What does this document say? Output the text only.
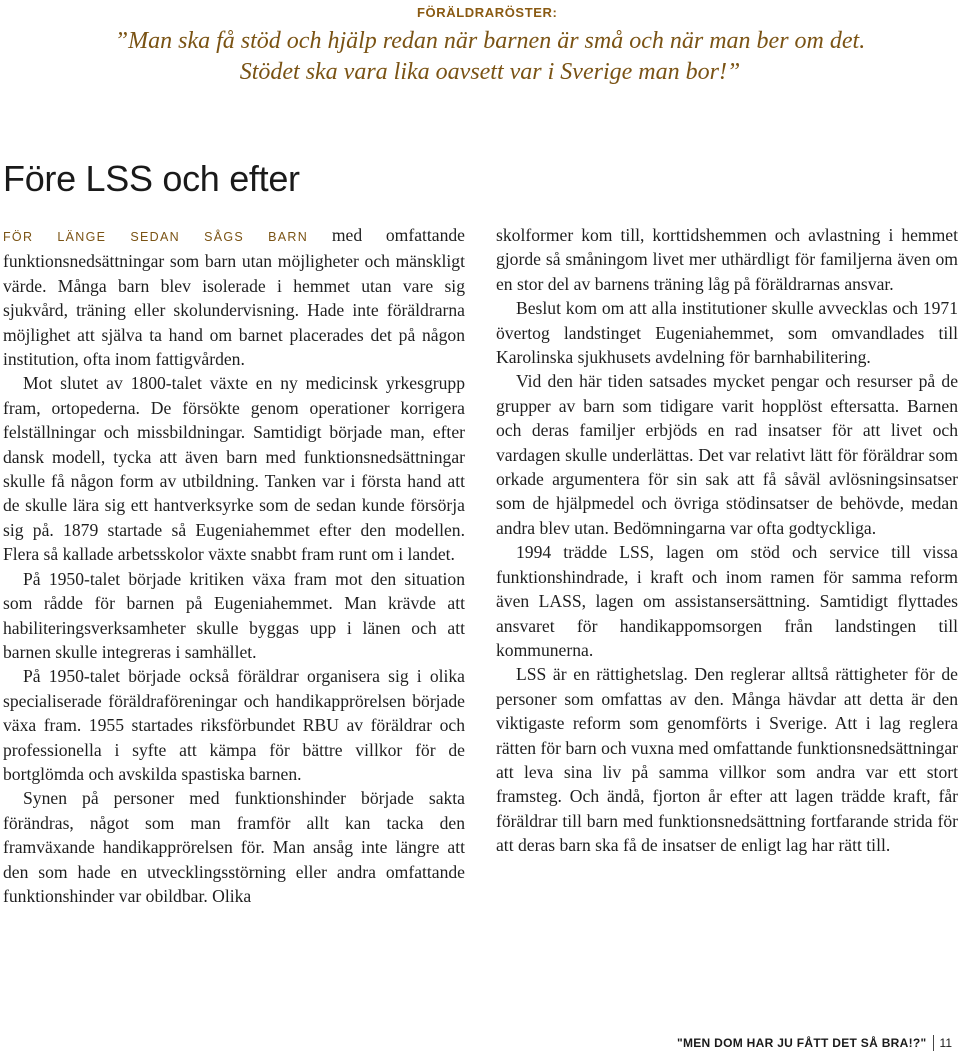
FÖRÄLDRARÖSTER:
”Man ska få stöd och hjälp redan när barnen är små och när man ber om det.
Stödet ska vara lika oavsett var i Sverige man bor!”
Före LSS och efter

FÖR LÄNGE SEDAN SÅGS BARN med omfattande funktionsnedsättningar som barn utan möjligheter och mänskligt värde. Många barn blev isolerade i hemmet utan vare sig sjukvård, träning eller skolundervisning. Hade inte föräldrarna möjlighet att själva ta hand om barnet placerades det på någon institution, ofta inom fattigvården.

Mot slutet av 1800-talet växte en ny medicinsk yrkesgrupp fram, ortopederna. De försökte genom operationer korrigera felställningar och missbildningar. Samtidigt började man, efter dansk modell, tycka att även barn med funktionsnedsättningar skulle få någon form av utbildning. Tanken var i första hand att de skulle lära sig ett hantverksyrke som de sedan kunde försörja sig på. 1879 startade så Eugeniahemmet efter den modellen. Flera så kallade arbetsskolor växte snabbt fram runt om i landet.

På 1950-talet började kritiken växa fram mot den situation som rådde för barnen på Eugeniahemmet. Man krävde att habiliteringsverksamheter skulle byggas upp i länen och att barnen skulle integreras i samhället.

På 1950-talet började också föräldrar organisera sig i olika specialiserade föräldraföreningar och handikapprörelsen började växa fram. 1955 startades riksförbundet RBU av föräldrar och professionella i syfte att kämpa för bättre villkor för de bortglömda och avskilda spastiska barnen.

Synen på personer med funktionshinder började sakta förändras, något som man framför allt kan tacka den framväxande handikapprörelsen för. Man ansåg inte längre att den som hade en utvecklingsstörning eller andra omfattande funktionshinder var obildbar. Olika

skolformer kom till, korttidshemmen och avlastning i hemmet gjorde så småningom livet mer uthärdligt för familjerna även om en stor del av barnens träning låg på föräldrarnas ansvar.

Beslut kom om att alla institutioner skulle avvecklas och 1971 övertog landstinget Eugeniahemmet, som omvandlades till Karolinska sjukhusets avdelning för barnhabilitering.

Vid den här tiden satsades mycket pengar och resurser på de grupper av barn som tidigare varit hopplöst eftersatta. Barnen och deras familjer erbjöds en rad insatser för att livet och vardagen skulle underlättas. Det var relativt lätt för föräldrar som orkade argumentera för sin sak att få såväl avlösningsinsatser som de hjälpmedel och övriga stödinsatser de behövde, medan andra blev utan. Bedömningarna var ofta godtyckliga.

1994 trädde LSS, lagen om stöd och service till vissa funktionshindrade, i kraft och inom ramen för samma reform även LASS, lagen om assistansersättning. Samtidigt flyttades ansvaret för handikappomsorgen från landstingen till kommunerna.

LSS är en rättighetslag. Den reglerar alltså rättigheter för de personer som omfattas av den. Många hävdar att detta är den viktigaste reform som genomförts i Sverige. Att i lag reglera rätten för barn och vuxna med omfattande funktionsnedsättningar att leva sina liv på samma villkor som andra var ett stort framsteg. Och ändå, fjorton år efter att lagen trädde kraft, får föräldrar till barn med funktionsnedsättning fortfarande strida för att deras barn ska få de insatser de enligt lag har rätt till.

"MEN DOM HAR JU FÅTT DET SÅ BRA!?" 11
